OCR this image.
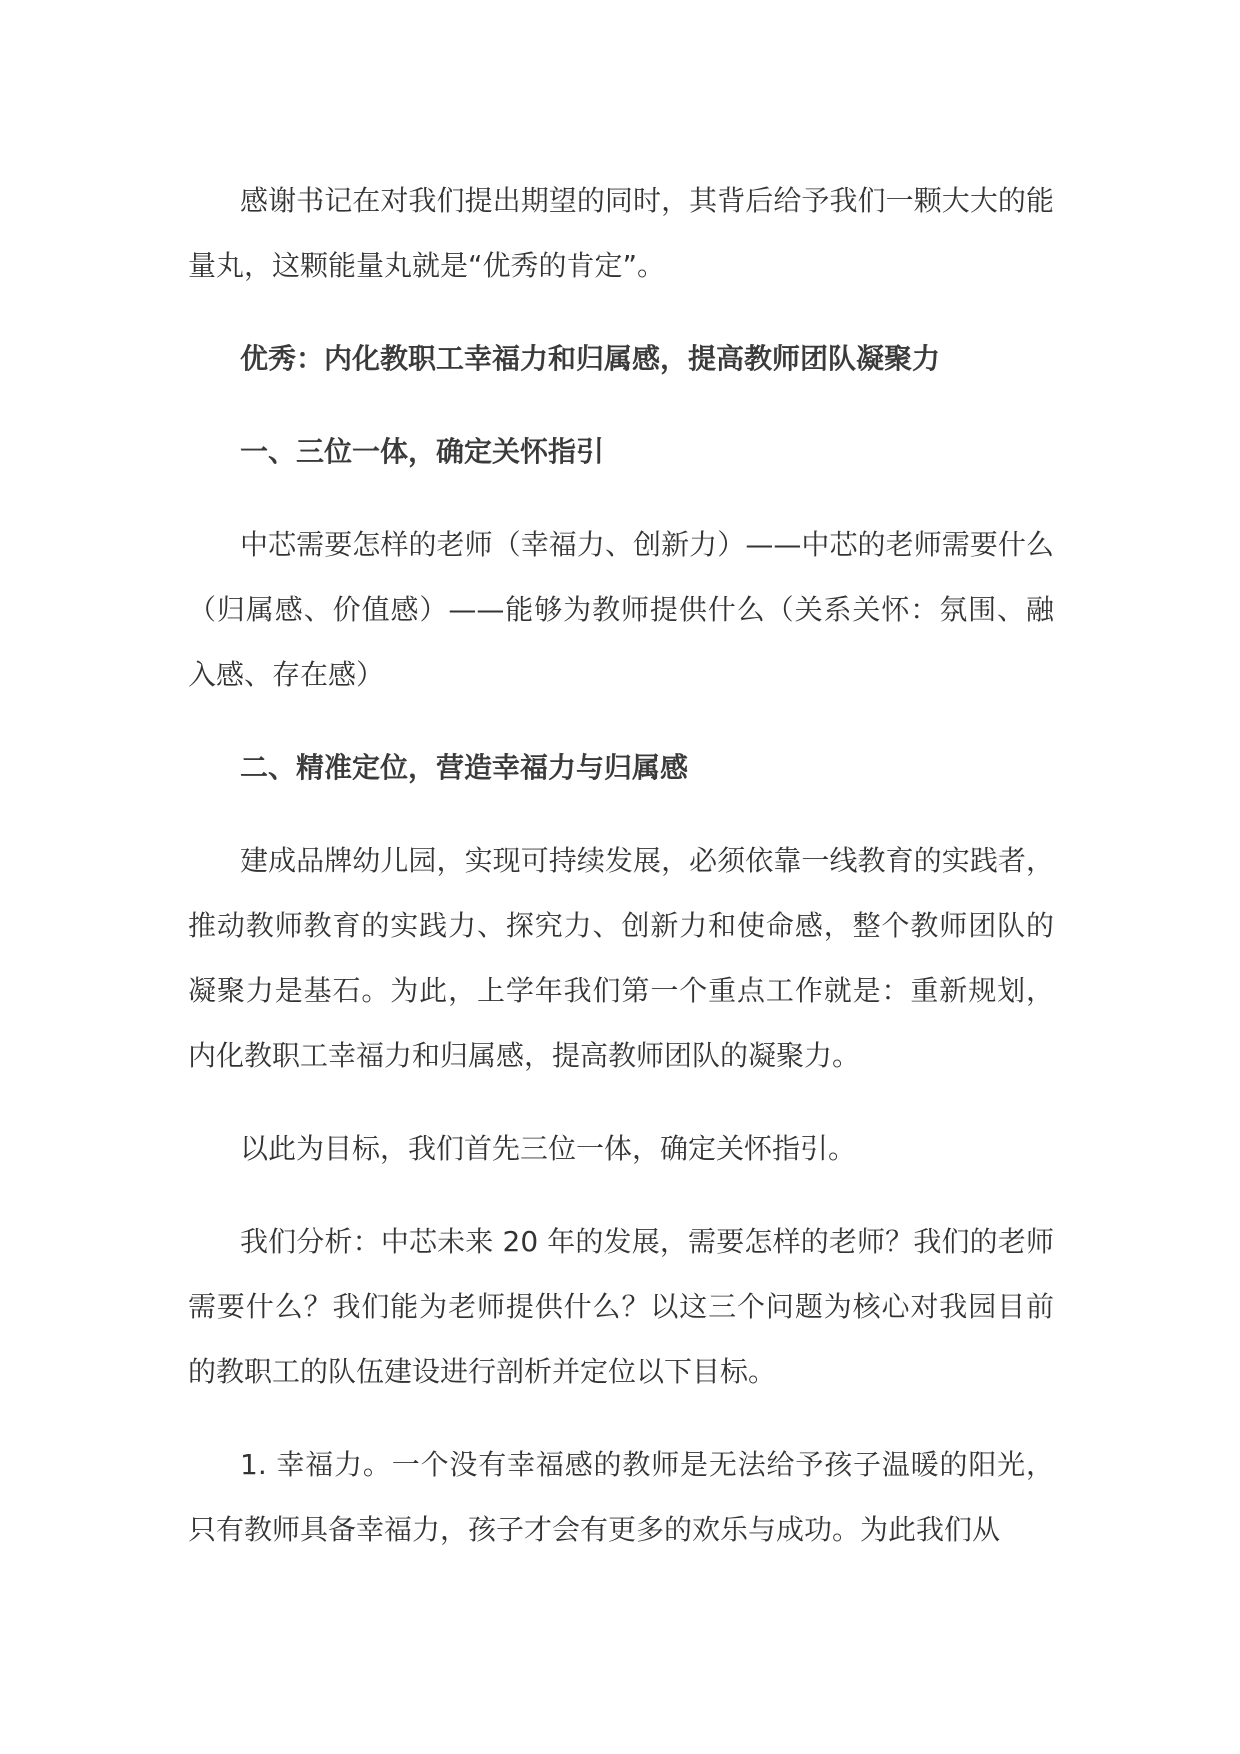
感谢书记在对我们提出期望的同时，其背后给予我们一颗大大的能量丸，这颗能量丸就是“优秀的肯定”。

优秀：内化教职工幸福力和归属感，提高教师团队凝聚力

一、三位一体，确定关怀指引

中芯需要怎样的老师（幸福力、创新力）——中芯的老师需要什么（归属感、价值感）——能够为教师提供什么（关系关怀：氛围、融入感、存在感）

二、精准定位，营造幸福力与归属感

建成品牌幼儿园，实现可持续发展，必须依靠一线教育的实践者，推动教师教育的实践力、探究力、创新力和使命感，整个教师团队的凝聚力是基石。为此，上学年我们第一个重点工作就是：重新规划，内化教职工幸福力和归属感，提高教师团队的凝聚力。

以此为目标，我们首先三位一体，确定关怀指引。

我们分析：中芯未来 20 年的发展，需要怎样的老师？我们的老师需要什么？我们能为老师提供什么？以这三个问题为核心对我园目前的教职工的队伍建设进行剖析并定位以下目标。

1. 幸福力。一个没有幸福感的教师是无法给予孩子温暖的阳光，只有教师具备幸福力，孩子才会有更多的欢乐与成功。为此我们从
